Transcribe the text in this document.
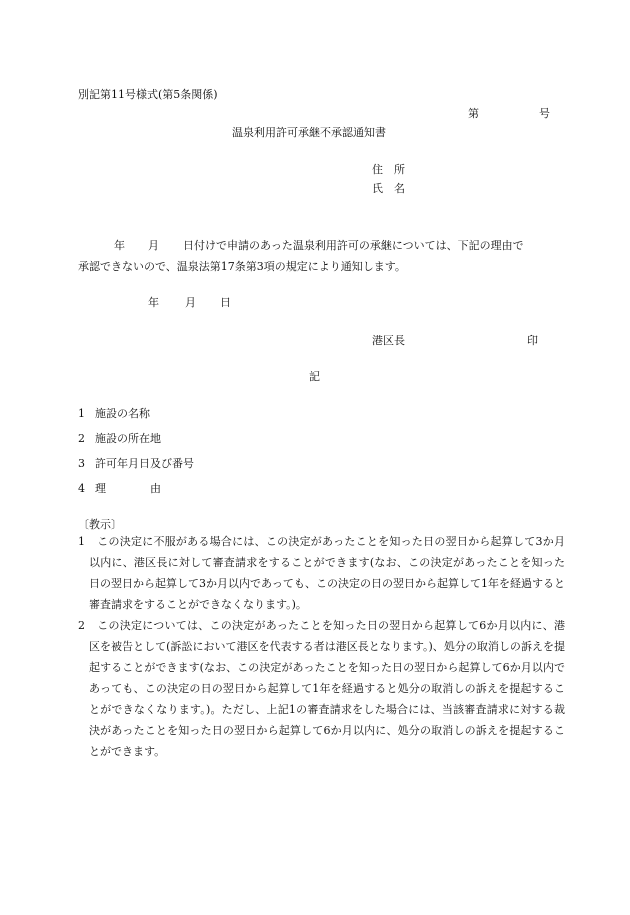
別記第11号様式(第5条関係)
第	号
温泉利用許可承継不承認通知書
住　所
氏　名
年 月 日付けで申請のあった温泉利用許可の承継については、下記の理由で
承認できないので、温泉法第17条第3項の規定により通知します。
年 月 日
港区長	印
記
1 施設の名称
2 施設の所在地
3 許可年月日及び番号
4 理　　　　由
〔教示〕
1 この決定に不服がある場合には、この決定があったことを知った日の翌日から起算して3か月以内に、港区長に対して審査請求をすることができます(なお、この決定があったことを知った日の翌日から起算して3か月以内であっても、この決定の日の翌日から起算して1年を経過すると審査請求をすることができなくなります。)。
2 この決定については、この決定があったことを知った日の翌日から起算して6か月以内に、港区を被告として(訴訟において港区を代表する者は港区長となります。)、処分の取消しの訴えを提起することができます(なお、この決定があったことを知った日の翌日から起算して6か月以内であっても、この決定の日の翌日から起算して1年を経過すると処分の取消しの訴えを提起することができなくなります。)。ただし、上記1の審査請求をした場合には、当該審査請求に対する裁決があったことを知った日の翌日から起算して6か月以内に、処分の取消しの訴えを提起することができます。
